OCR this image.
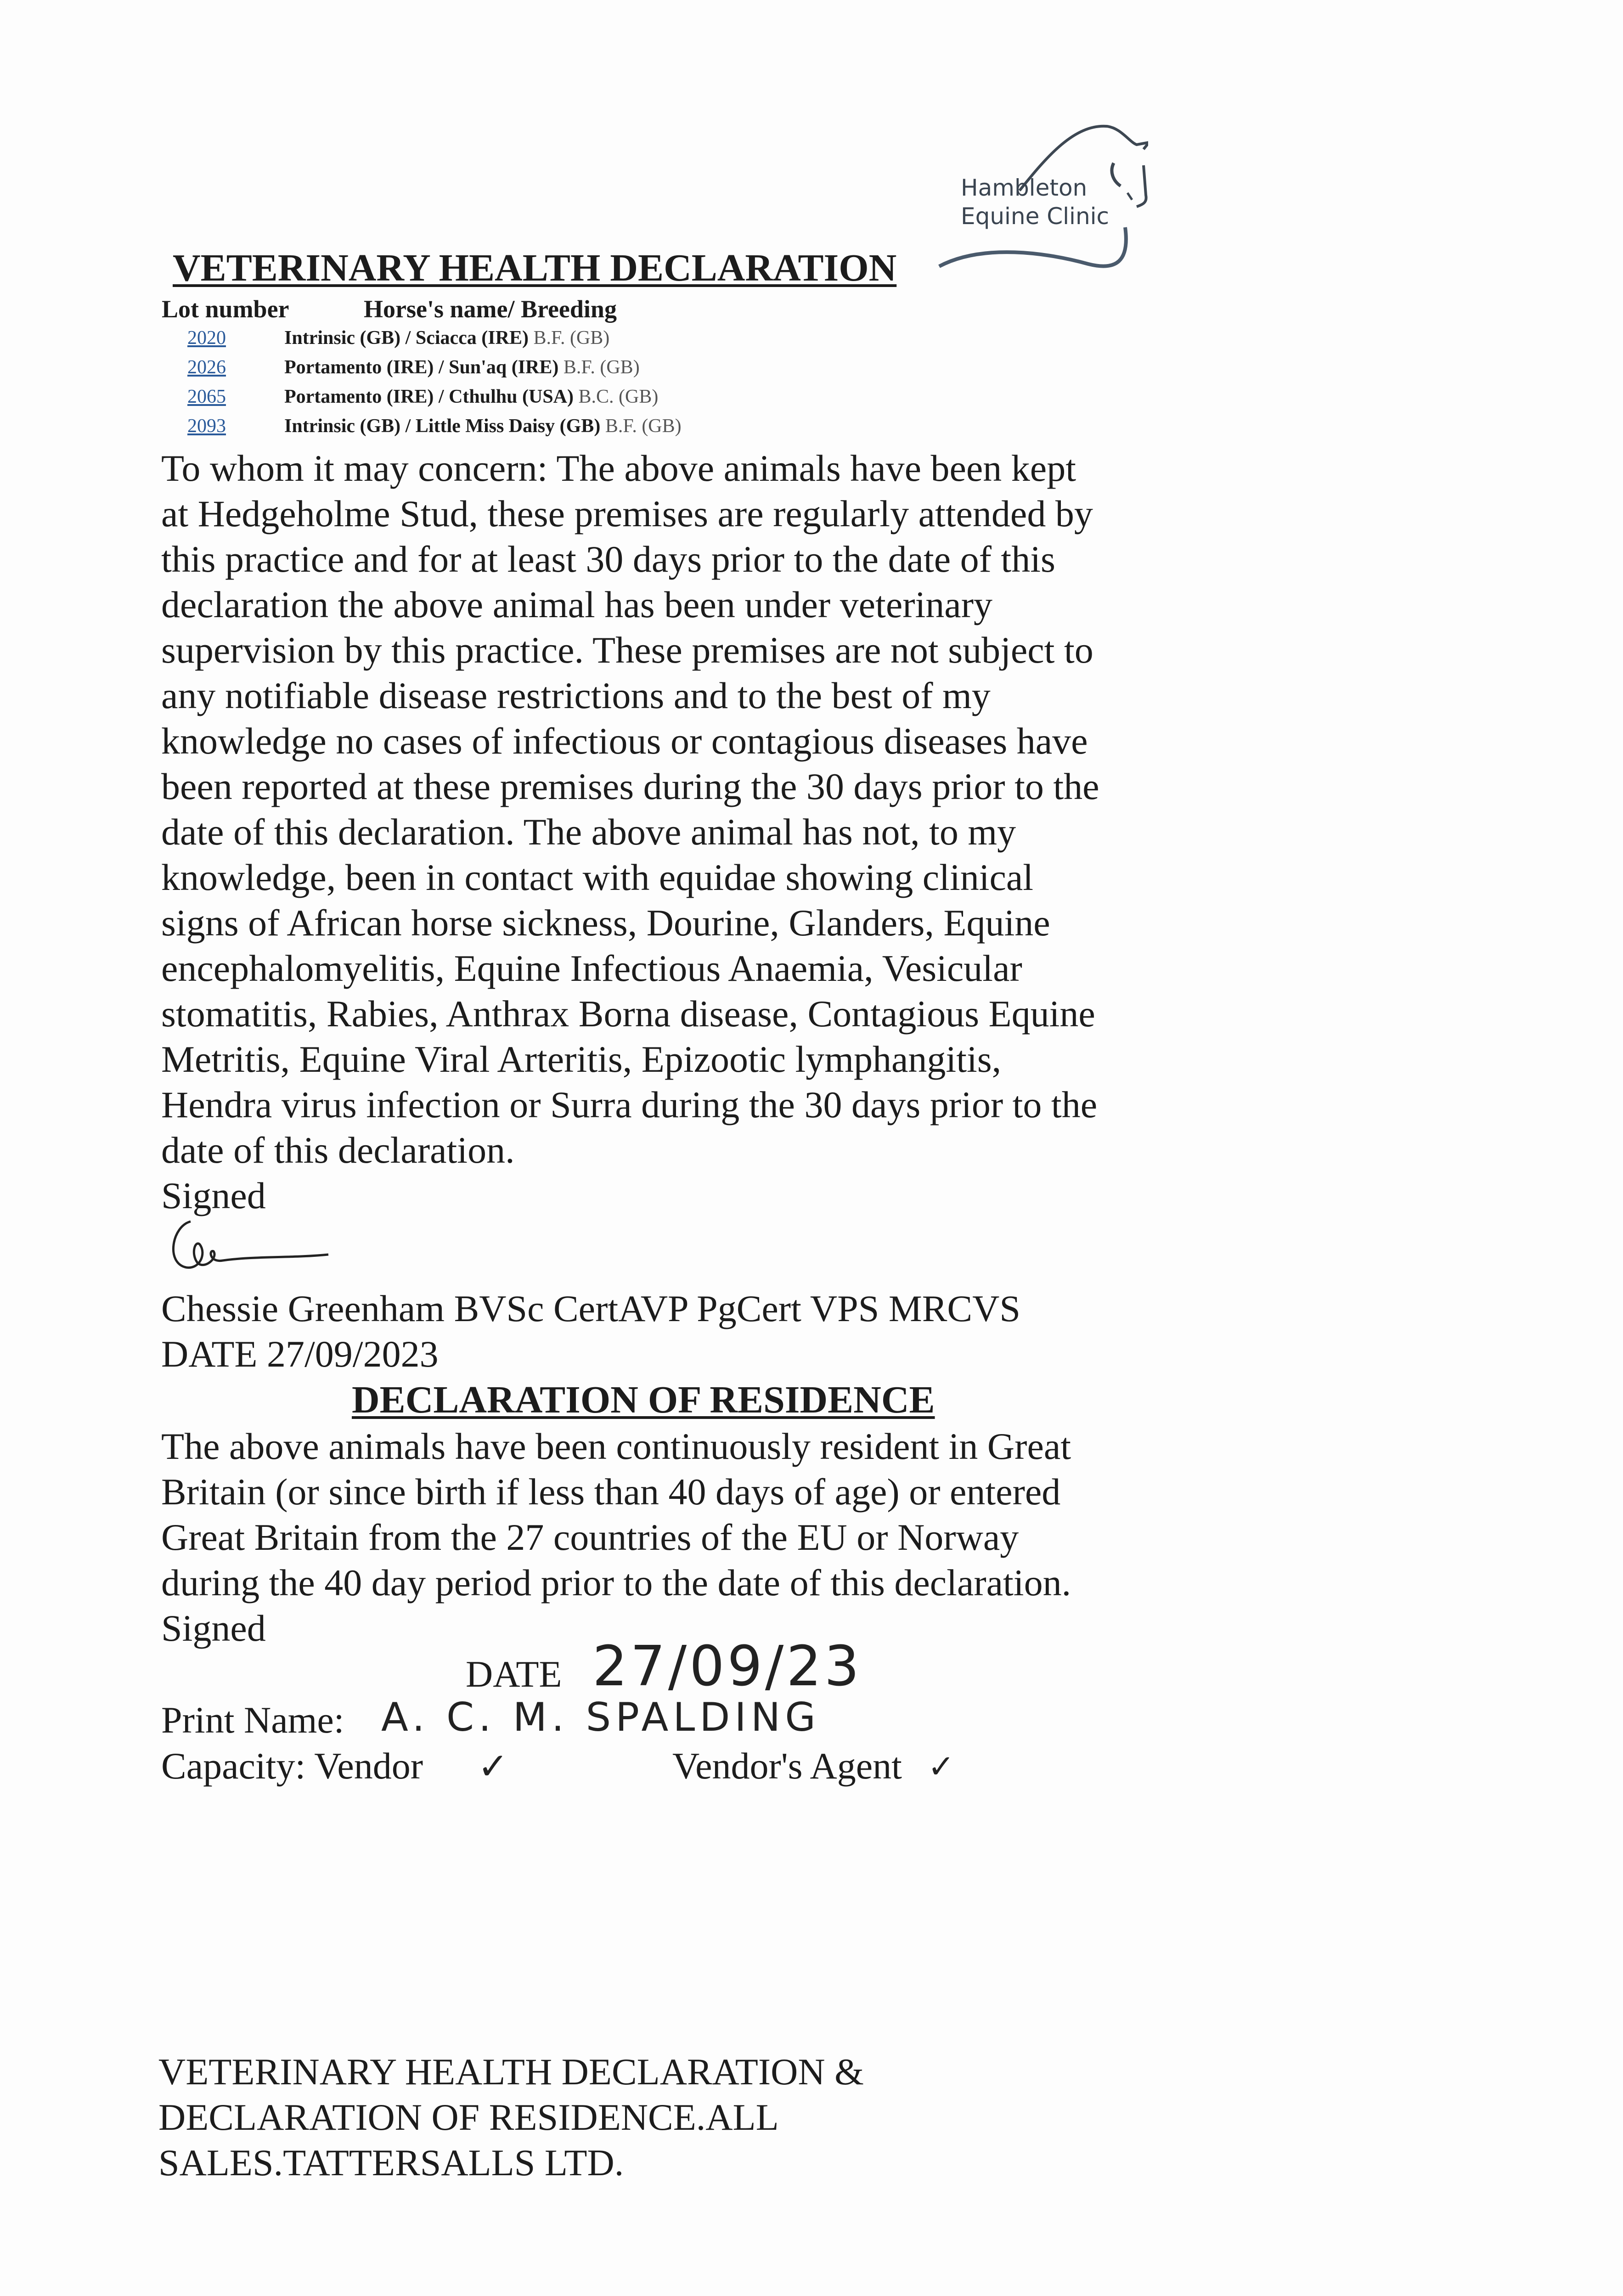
Hambleton
Equine Clinic
VETERINARY HEALTH DECLARATION
Lot number	Horse's name/ Breeding
2020	Intrinsic (GB) / Sciacca (IRE) B.F. (GB)
2026	Portamento (IRE) / Sun'aq (IRE) B.F. (GB)
2065	Portamento (IRE) / Cthulhu (USA) B.C. (GB)
2093	Intrinsic (GB) / Little Miss Daisy (GB) B.F. (GB)
To whom it may concern: The above animals have been kept
at Hedgeholme Stud, these premises are regularly attended by
this practice and for at least 30 days prior to the date of this
declaration the above animal has been under veterinary
supervision by this practice. These premises are not subject to
any notifiable disease restrictions and to the best of my
knowledge no cases of infectious or contagious diseases have
been reported at these premises during the 30 days prior to the
date of this declaration. The above animal has not, to my
knowledge, been in contact with equidae showing clinical
signs of African horse sickness, Dourine, Glanders, Equine
encephalomyelitis, Equine Infectious Anaemia, Vesicular
stomatitis, Rabies, Anthrax Borna disease, Contagious Equine
Metritis, Equine Viral Arteritis, Epizootic lymphangitis,
Hendra virus infection or Surra during the 30 days prior to the
date of this declaration.
Signed
Chessie Greenham BVSc CertAVP PgCert VPS MRCVS
DATE 27/09/2023
DECLARATION OF RESIDENCE
The above animals have been continuously resident in Great
Britain (or since birth if less than 40 days of age) or entered
Great Britain from the 27 countries of the EU or Norway
during the 40 day period prior to the date of this declaration.
Signed
DATE 27/09/23
Print Name: A. C. M. SPALDING
Capacity: Vendor ✓	Vendor's Agent ✓
VETERINARY HEALTH DECLARATION &
DECLARATION OF RESIDENCE.ALL
SALES.TATTERSALLS LTD.
